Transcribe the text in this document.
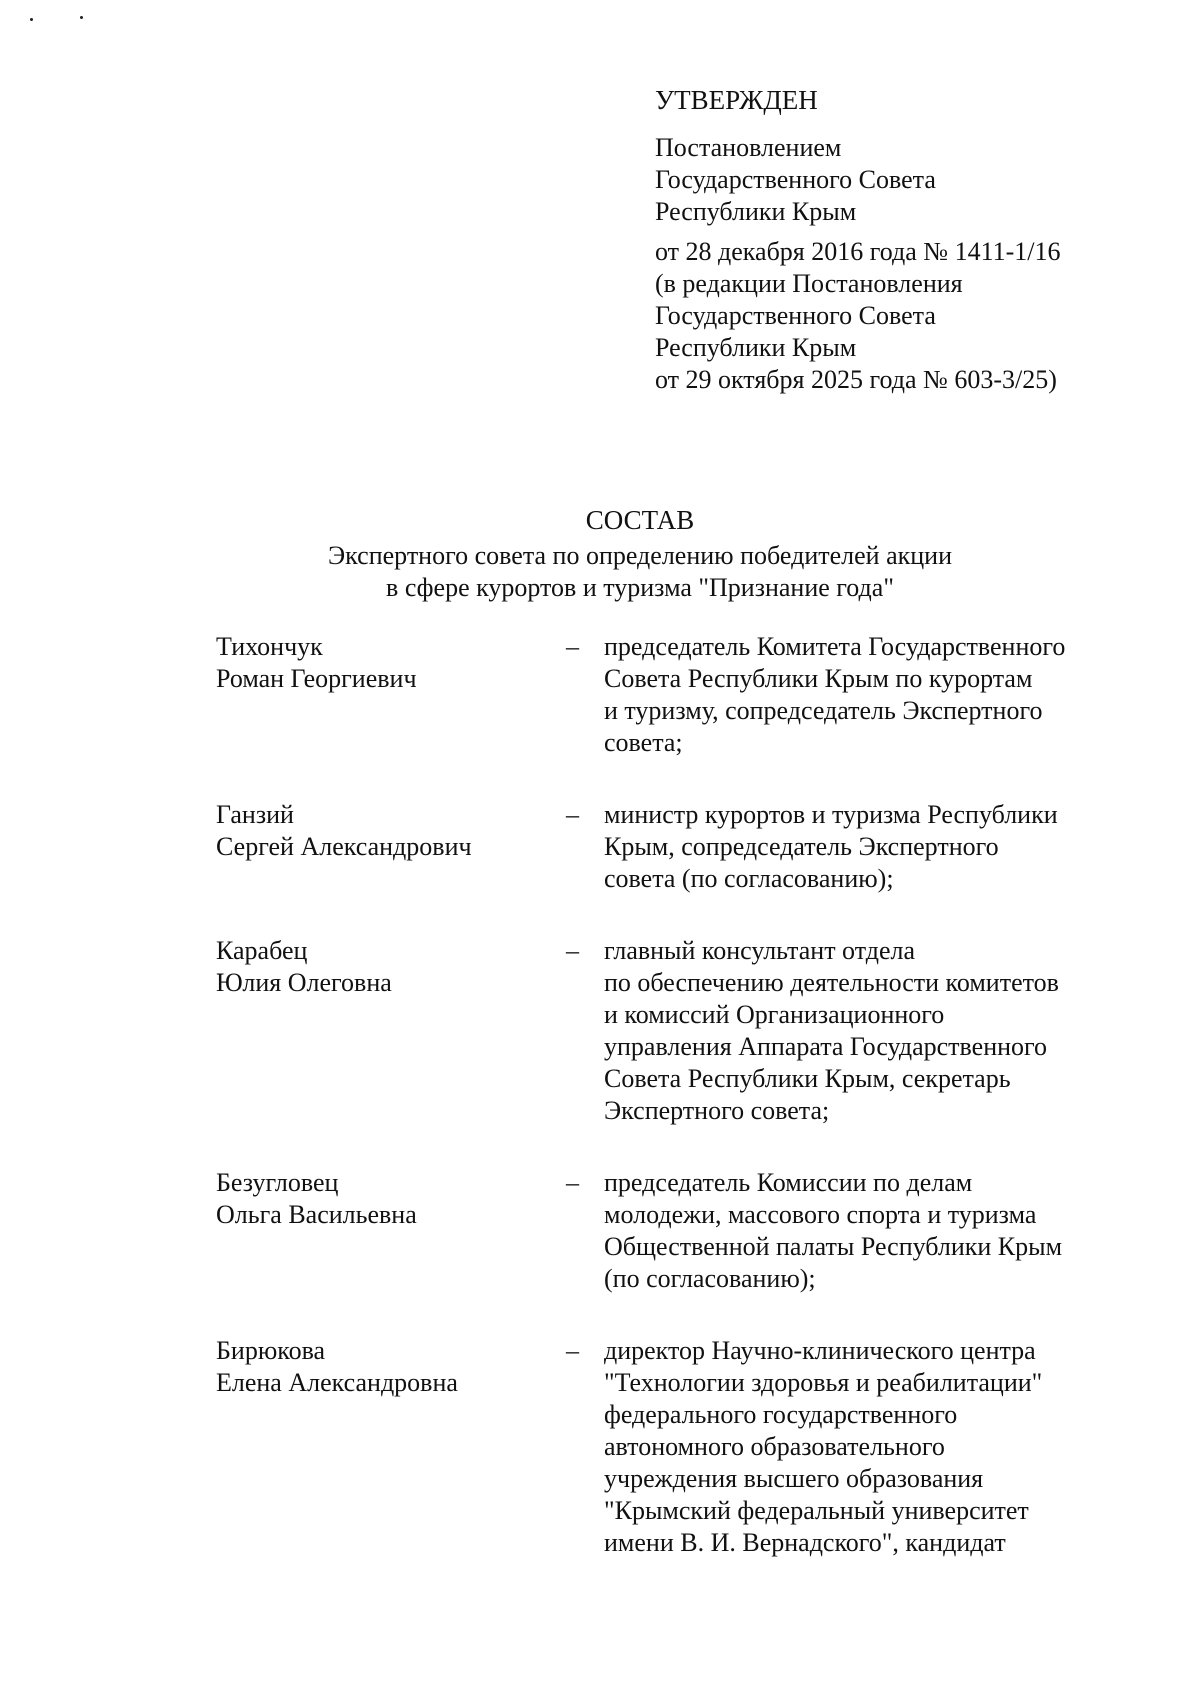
УТВЕРЖДЕН
Постановлением
Государственного Совета
Республики Крым
от 28 декабря 2016 года № 1411-1/16
(в редакции Постановления
Государственного Совета
Республики Крым
от 29 октября 2025 года № 603-3/25)
СОСТАВ
Экспертного совета по определению победителей акции
в сфере курортов и туризма "Признание года"
Тихончук
Роман Георгиевич
– председатель Комитета Государственного
Совета Республики Крым по курортам
и туризму, сопредседатель Экспертного
совета;
Ганзий
Сергей Александрович
– министр курортов и туризма Республики
Крым, сопредседатель Экспертного
совета (по согласованию);
Карабец
Юлия Олеговна
– главный консультант отдела
по обеспечению деятельности комитетов
и комиссий Организационного
управления Аппарата Государственного
Совета Республики Крым, секретарь
Экспертного совета;
Безугловец
Ольга Васильевна
– председатель Комиссии по делам
молодежи, массового спорта и туризма
Общественной палаты Республики Крым
(по согласованию);
Бирюкова
Елена Александровна
– директор Научно-клинического центра
"Технологии здоровья и реабилитации"
федерального государственного
автономного образовательного
учреждения высшего образования
"Крымский федеральный университет
имени В. И. Вернадского", кандидат
